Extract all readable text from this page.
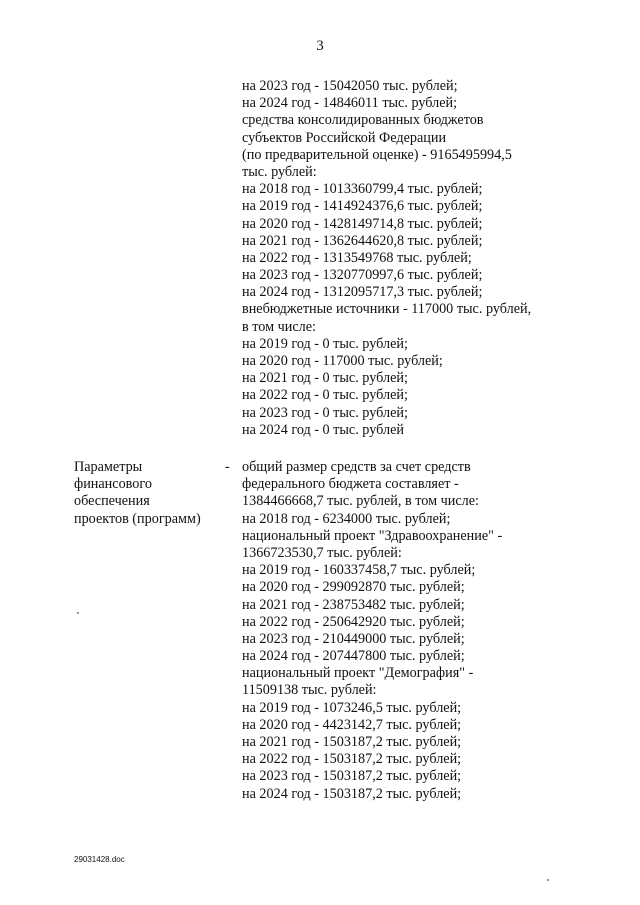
3
на 2023 год - 15042050 тыс. рублей;
на 2024 год - 14846011 тыс. рублей;
средства консолидированных бюджетов
субъектов Российской Федерации
(по предварительной оценке) - 9165495994,5
тыс. рублей:
на 2018 год - 1013360799,4 тыс. рублей;
на 2019 год - 1414924376,6 тыс. рублей;
на 2020 год - 1428149714,8 тыс. рублей;
на 2021 год - 1362644620,8 тыс. рублей;
на 2022 год - 1313549768 тыс. рублей;
на 2023 год - 1320770997,6 тыс. рублей;
на 2024 год - 1312095717,3 тыс. рублей;
внебюджетные источники - 117000 тыс. рублей,
в том числе:
на 2019 год - 0 тыс. рублей;
на 2020 год - 117000 тыс. рублей;
на 2021 год - 0 тыс. рублей;
на 2022 год - 0 тыс. рублей;
на 2023 год - 0 тыс. рублей;
на 2024 год - 0 тыс. рублей
Параметры
финансового
обеспечения
проектов (программ)
- общий размер средств за счет средств
федерального бюджета составляет -
1384466668,7 тыс. рублей, в том числе:
на 2018 год - 6234000 тыс. рублей;
национальный проект "Здравоохранение" -
1366723530,7 тыс. рублей:
на 2019 год - 160337458,7 тыс. рублей;
на 2020 год - 299092870 тыс. рублей;
на 2021 год - 238753482 тыс. рублей;
на 2022 год - 250642920 тыс. рублей;
на 2023 год - 210449000 тыс. рублей;
на 2024 год - 207447800 тыс. рублей;
национальный проект "Демография" -
11509138 тыс. рублей:
на 2019 год - 1073246,5 тыс. рублей;
на 2020 год - 4423142,7 тыс. рублей;
на 2021 год - 1503187,2 тыс. рублей;
на 2022 год - 1503187,2 тыс. рублей;
на 2023 год - 1503187,2 тыс. рублей;
на 2024 год - 1503187,2 тыс. рублей;
29031428.doc
